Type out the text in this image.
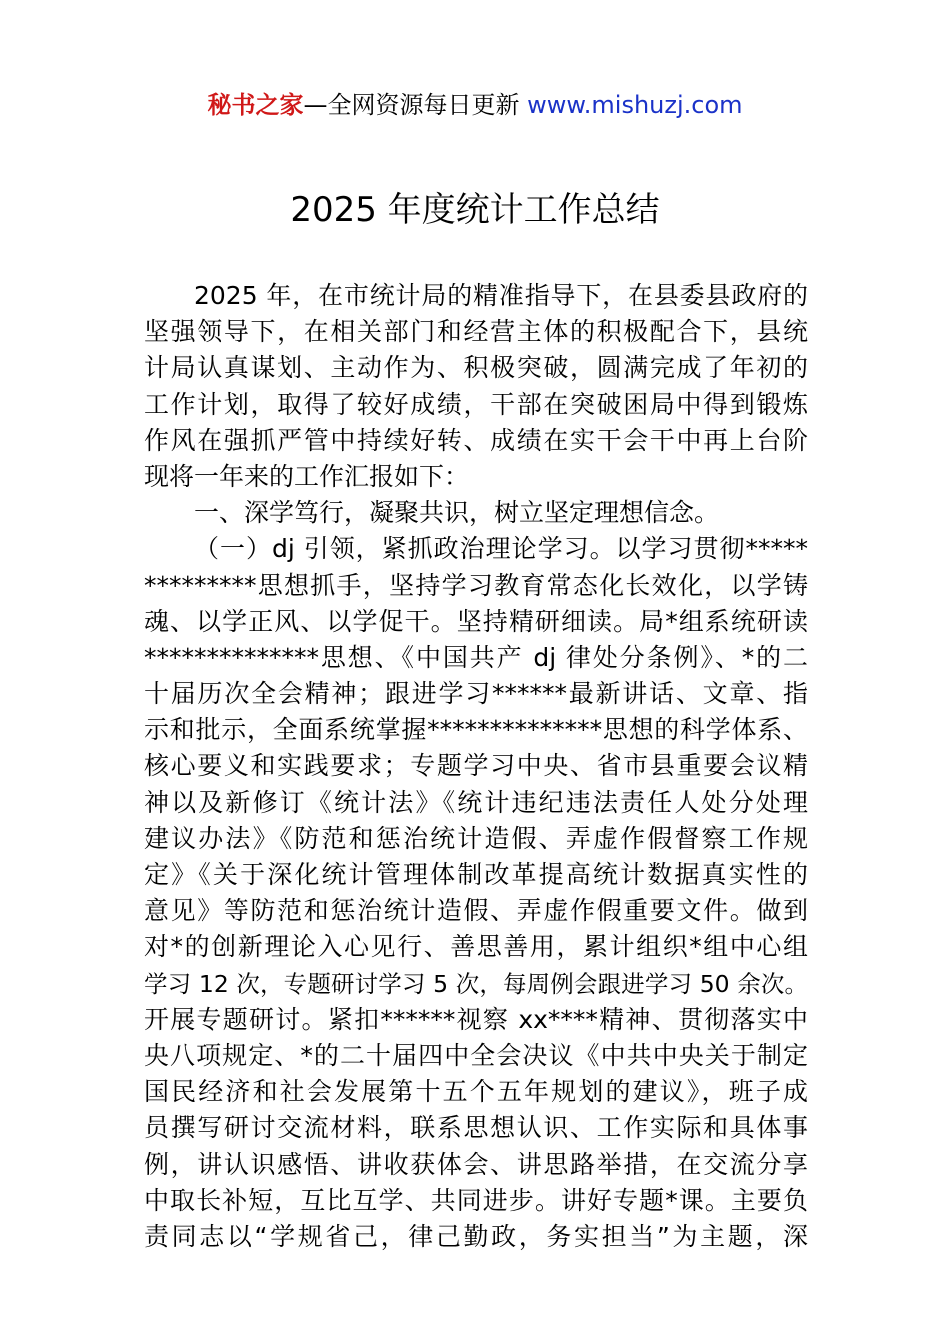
秘书之家—全网资源每日更新 www.mishuzj.com
2025 年度统计工作总结
2025 年，在市统计局的精准指导下，在县委县政府的
坚强领导下，在相关部门和经营主体的积极配合下，县统
计局认真谋划、主动作为、积极突破，圆满完成了年初的
工作计划，取得了较好成绩，干部在突破困局中得到锻炼
作风在强抓严管中持续好转、成绩在实干会干中再上台阶
现将一年来的工作汇报如下：
一、深学笃行，凝聚共识，树立坚定理想信念。
（一）dj 引领，紧抓政治理论学习。以学习贯彻*****
*********思想抓手，坚持学习教育常态化长效化，以学铸
魂、以学正风、以学促干。坚持精研细读。局*组系统研读
**************思想、《中国共产 dj 律处分条例》、*的二
十届历次全会精神；跟进学习******最新讲话、文章、指
示和批示，全面系统掌握**************思想的科学体系、
核心要义和实践要求；专题学习中央、省市县重要会议精
神以及新修订《统计法》《统计违纪违法责任人处分处理
建议办法》《防范和惩治统计造假、弄虚作假督察工作规
定》《关于深化统计管理体制改革提高统计数据真实性的
意见》等防范和惩治统计造假、弄虚作假重要文件。做到
对*的创新理论入心见行、善思善用，累计组织*组中心组
学习 12 次，专题研讨学习 5 次，每周例会跟进学习 50 余次。
开展专题研讨。紧扣******视察 xx****精神、贯彻落实中
央八项规定、*的二十届四中全会决议《中共中央关于制定
国民经济和社会发展第十五个五年规划的建议》，班子成
员撰写研讨交流材料，联系思想认识、工作实际和具体事
例，讲认识感悟、讲收获体会、讲思路举措，在交流分享
中取长补短，互比互学、共同进步。讲好专题*课。主要负
责同志以“学规省己，律己勤政，务实担当”为主题，深
